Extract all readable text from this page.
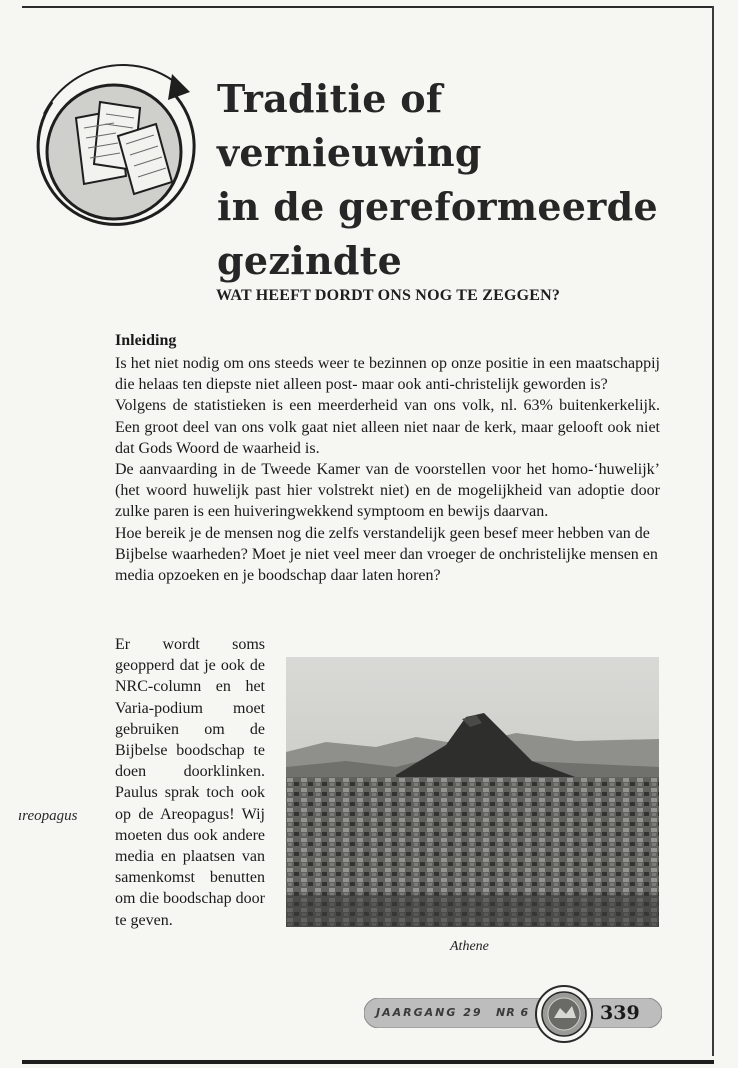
Traditie of vernieuwing
in de gereformeerde
gezindte
WAT HEEFT DORDT ONS NOG TE ZEGGEN?
Inleiding

Is het niet nodig om ons steeds weer te bezinnen op onze positie in een maatschappij die helaas ten diepste niet alleen post- maar ook anti-christelijk geworden is?

Volgens de statistieken is een meerderheid van ons volk, nl. 63% buitenkerkelijk. Een groot deel van ons volk gaat niet alleen niet naar de kerk, maar gelooft ook niet dat Gods Woord de waarheid is.

De aanvaarding in de Tweede Kamer van de voorstellen voor het homo-‘huwelijk’ (het woord huwelijk past hier volstrekt niet) en de mogelijkheid van adoptie door zulke paren is een huiveringwekkend symptoom en bewijs daarvan.

Hoe bereik je de mensen nog die zelfs verstandelijk geen besef meer hebben van de Bijbelse waarheden? Moet je niet veel meer dan vroeger de onchristelijke mensen en media opzoeken en je boodschap daar laten horen?

Er wordt soms geopperd dat je ook de NRC-column en het Varia-podium moet gebruiken om de Bijbelse boodschap te doen doorklinken. Paulus sprak toch ook op de Areopagus! Wij moeten dus ook andere media en plaatsen van samenkomst benutten om die boodschap door te geven.
ıreopagus
Athene
JAARGANG 29 NR 6	339
